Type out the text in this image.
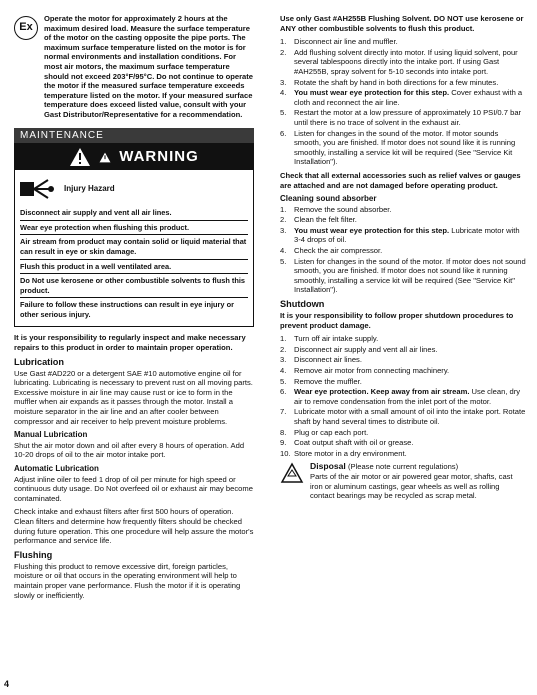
Ex

Operate the motor for approximately 2 hours at the maximum desired load. Measure the surface temperature of the motor on the casting opposite the pipe ports. The maximum surface temperature listed on the motor is for normal environments and installation conditions. For most air motors, the maximum surface temperature should not exceed 203°F/95°C. Do not continue to operate the motor if the measured surface temperature exceeds temperature listed on the motor. If your measured surface temperature does exceed listed value, consult with your Gast Distributor/Representative for a recommendation.

MAINTENANCE
WARNING
Injury Hazard
Disconnect air supply and vent all air lines.
Wear eye protection when flushing this product.
Air stream from product may contain solid or liquid material that can result in eye or skin damage.
Flush this product in a well ventilated area.
Do Not use kerosene or other combustible solvents to flush this product.
Failure to follow these instructions can result in eye injury or other serious injury.

It is your responsibility to regularly inspect and make necessary repairs to this product in order to maintain proper operation.

Lubrication

Use Gast #AD220 or a detergent SAE #10 automotive engine oil for lubricating. Lubricating is necessary to prevent rust on all moving parts. Excessive moisture in air line may cause rust or ice to form in the muffler when air expands as it passes through the motor. Install a moisture separator in the air line and an after cooler between compressor and air receiver to help prevent moisture problems.

Manual Lubrication

Shut the air motor down and oil after every 8 hours of operation. Add 10-20 drops of oil to the air motor intake port.

Automatic Lubrication

Adjust inline oiler to feed 1 drop of oil per minute for high speed or continuous duty usage. Do Not overfeed oil or exhaust air may become contaminated.

Check intake and exhaust filters after first 500 hours of operation. Clean filters and determine how frequently filters should be checked during future operation. This one procedure will help assure the motor's performance and service life.

Flushing

Flushing this product to remove excessive dirt, foreign particles, moisture or oil that occurs in the operating environment will help to maintain proper vane performance. Flush the motor if it is operating slowly or inefficiently.

4

Use only Gast #AH255B Flushing Solvent. DO NOT use kerosene or ANY other combustible solvents to flush this product.

1.	Disconnect air line and muffler.
2.	Add flushing solvent directly into motor. If using liquid solvent, pour several tablespoons directly into the intake port. If using Gast #AH255B, spray solvent for 5-10 seconds into intake port.
3.	Rotate the shaft by hand in both directions for a few minutes.
4.	You must wear eye protection for this step. Cover exhaust with a cloth and reconnect the air line.
5.	Restart the motor at a low pressure of approximately 10 PSI/0.7 bar until there is no trace of solvent in the exhaust air.
6.	Listen for changes in the sound of the motor. If motor sounds smooth, you are finished. If motor does not sound like it is running smoothly, installing a service kit will be required (See "Service Kit Installation").

Check that all external accessories such as relief valves or gauges are attached and are not damaged before operating product.

Cleaning sound absorber
1.	Remove the sound absorber.
2.	Clean the felt filter.
3.	You must wear eye protection for this step. Lubricate motor with 3-4 drops of oil.
4.	Check the air compressor.
5.	Listen for changes in the sound of the motor. If motor does not sound smooth, you are finished. If motor does not sound like it running smoothly, installing a service kit will be required (See "Service Kit" Installation").
Shutdown

It is your responsibility to follow proper shutdown procedures to prevent product damage.

1.	Turn off air intake supply.
2.	Disconnect air supply and vent all air lines.
3.	Disconnect air lines.
4.	Remove air motor from connecting machinery.
5.	Remove the muffler.
6.	Wear eye protection. Keep away from air stream. Use clean, dry air to remove condensation from the inlet port of the motor.
7.	Lubricate motor with a small amount of oil into the intake port. Rotate shaft by hand several times to distribute oil.
8.	Plug or cap each port.
9.	Coat output shaft with oil or grease.
10. Store motor in a dry environment.
Disposal (Please note current regulations)

Parts of the air motor or air powered gear motor, shafts, cast iron or aluminum castings, gear wheels as well as rolling contact bearings may be recycled as scrap metal.
